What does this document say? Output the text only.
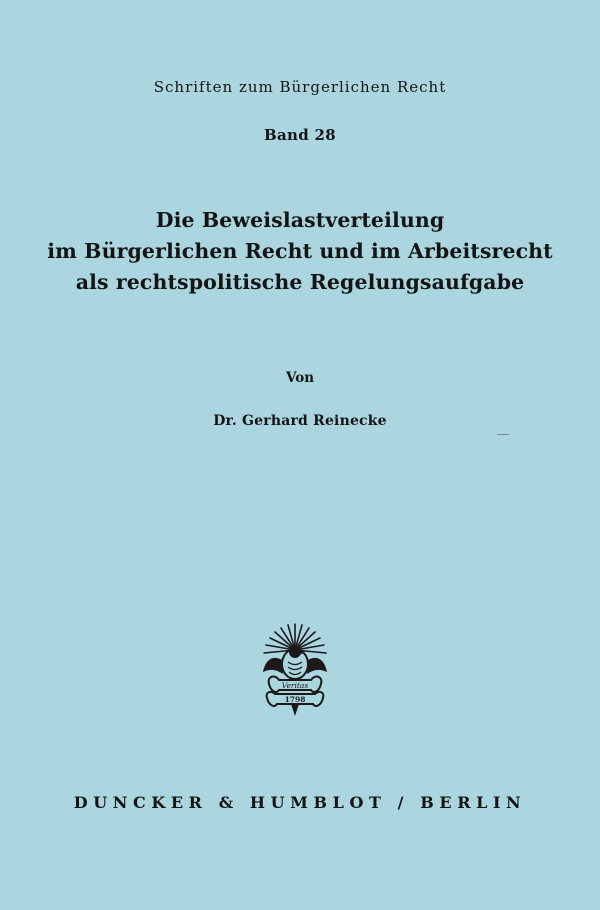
Schriften zum Bürgerlichen Recht
Band 28
Die Beweislastverteilung
im Bürgerlichen Recht und im Arbeitsrecht
als rechtspolitische Regelungsaufgabe
Von
Dr. Gerhard Reinecke
Veritas
1798
DUNCKER & HUMBLOT / BERLIN
